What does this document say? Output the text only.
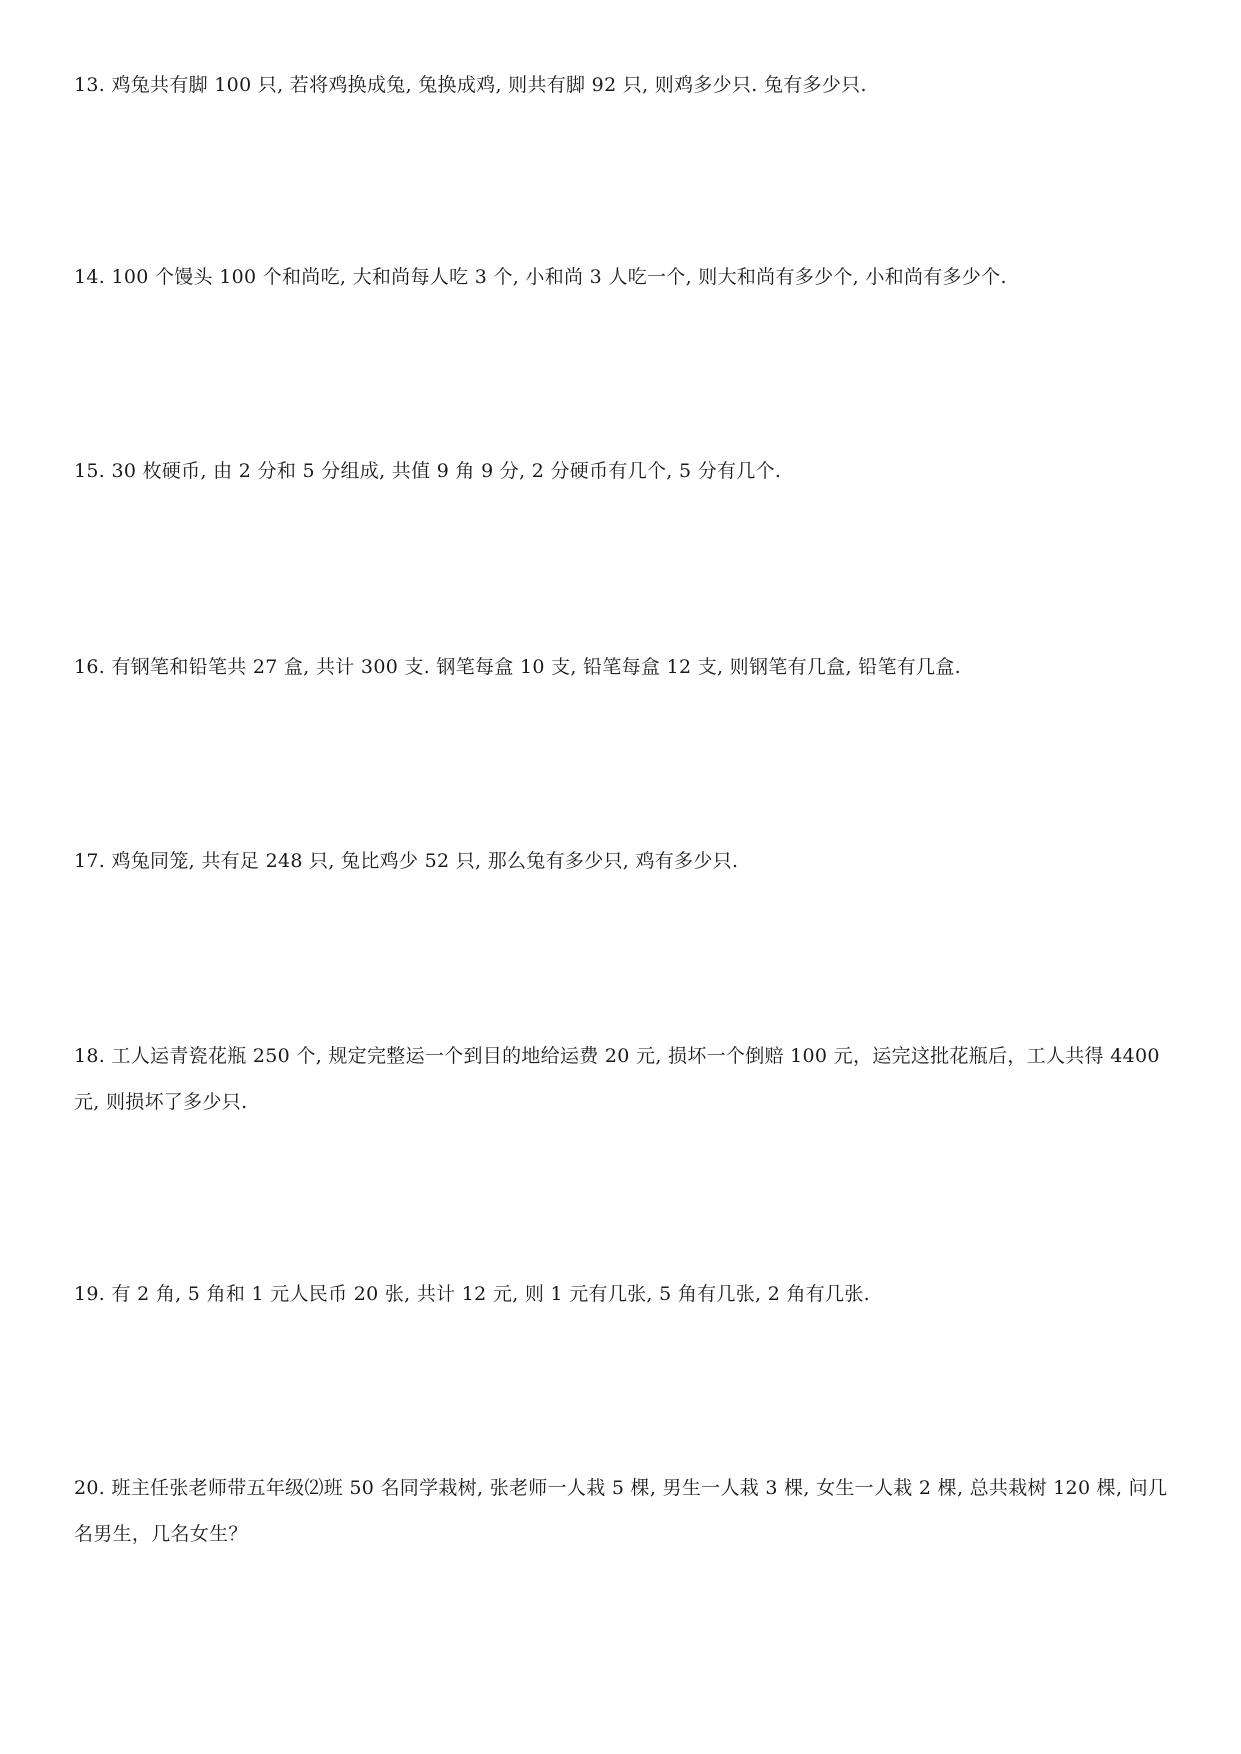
13. 鸡兔共有脚 100 只, 若将鸡换成兔, 兔换成鸡, 则共有脚 92 只, 则鸡多少只. 兔有多少只.

14. 100 个馒头 100 个和尚吃, 大和尚每人吃 3 个, 小和尚 3 人吃一个, 则大和尚有多少个, 小和尚有多少个.

15. 30 枚硬币, 由 2 分和 5 分组成, 共值 9 角 9 分, 2 分硬币有几个, 5 分有几个.

16. 有钢笔和铅笔共 27 盒, 共计 300 支. 钢笔每盒 10 支, 铅笔每盒 12 支, 则钢笔有几盒, 铅笔有几盒.

17. 鸡兔同笼, 共有足 248 只, 兔比鸡少 52 只, 那么兔有多少只, 鸡有多少只.

18. 工人运青瓷花瓶 250 个, 规定完整运一个到目的地给运费 20 元, 损坏一个倒赔 100 元，运完这批花瓶后，工人共得 4400 元, 则损坏了多少只.

19. 有 2 角, 5 角和 1 元人民币 20 张, 共计 12 元, 则 1 元有几张, 5 角有几张, 2 角有几张.

20. 班主任张老师带五年级⑵班 50 名同学栽树, 张老师一人栽 5 棵, 男生一人栽 3 棵, 女生一人栽 2 棵, 总共栽树 120 棵, 问几名男生，几名女生？
